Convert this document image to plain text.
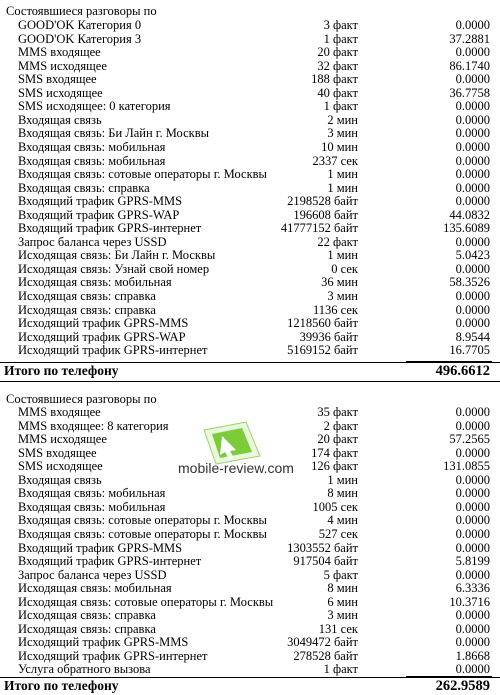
Состоявшиеся разговоры по
GOOD'OK Категория 0	3 факт	0.0000
GOOD'OK Категория 3	1 факт	37.2881
MMS входящее	20 факт	0.0000
MMS исходящее	32 факт	86.1740
SMS входящее	188 факт	0.0000
SMS исходящее	40 факт	36.7758
SMS исходящее: 0 категория	1 факт	0.0000
Входящая связь	2 мин	0.0000
Входящая связь: Би Лайн г. Москвы	3 мин	0.0000
Входящая связь: мобильная	10 мин	0.0000
Входящая связь: мобильная	2337 сек	0.0000
Входящая связь: сотовые операторы г. Москвы	1 мин	0.0000
Входящая связь: справка	1 мин	0.0000
Входящий трафик GPRS-MMS	2198528 байт	0.0000
Входящий трафик GPRS-WAP	196608 байт	44.0832
Входящий трафик GPRS-интернет	41777152 байт	135.6089
Запрос баланса через USSD	22 факт	0.0000
Исходящая связь: Би Лайн г. Москвы	1 мин	5.0423
Исходящая связь: Узнай свой номер	0 сек	0.0000
Исходящая связь: мобильная	36 мин	58.3526
Исходящая связь: справка	3 мин	0.0000
Исходящая связь: справка	1136 сек	0.0000
Исходящий трафик GPRS-MMS	1218560 байт	0.0000
Исходящий трафик GPRS-WAP	39936 байт	8.9544
Исходящий трафик GPRS-интернет	5169152 байт	16.7705
Итого по телефону	496.6612
Состоявшиеся разговоры по
MMS входящее	35 факт	0.0000
MMS входящее: 8 категория	2 факт	0.0000
MMS исходящее	20 факт	57.2565
SMS входящее	174 факт	0.0000
SMS исходящее	126 факт	131.0855
Входящая связь	1 мин	0.0000
Входящая связь: мобильная	8 мин	0.0000
Входящая связь: мобильная	1005 сек	0.0000
Входящая связь: сотовые операторы г. Москвы	4 мин	0.0000
Входящая связь: сотовые операторы г. Москвы	527 сек	0.0000
Входящий трафик GPRS-MMS	1303552 байт	0.0000
Входящий трафик GPRS-интернет	917504 байт	5.8199
Запрос баланса через USSD	5 факт	0.0000
Исходящая связь: мобильная	8 мин	6.3336
Исходящая связь: сотовые операторы г. Москвы	6 мин	10.3716
Исходящая связь: справка	3 мин	0.0000
Исходящая связь: справка	131 сек	0.0000
Исходящий трафик GPRS-MMS	3049472 байт	0.0000
Исходящий трафик GPRS-интернет	278528 байт	1.8668
Услуга обратного вызова	1 факт	0.0000
Итого по телефону	262.9589
mobile-review.com
